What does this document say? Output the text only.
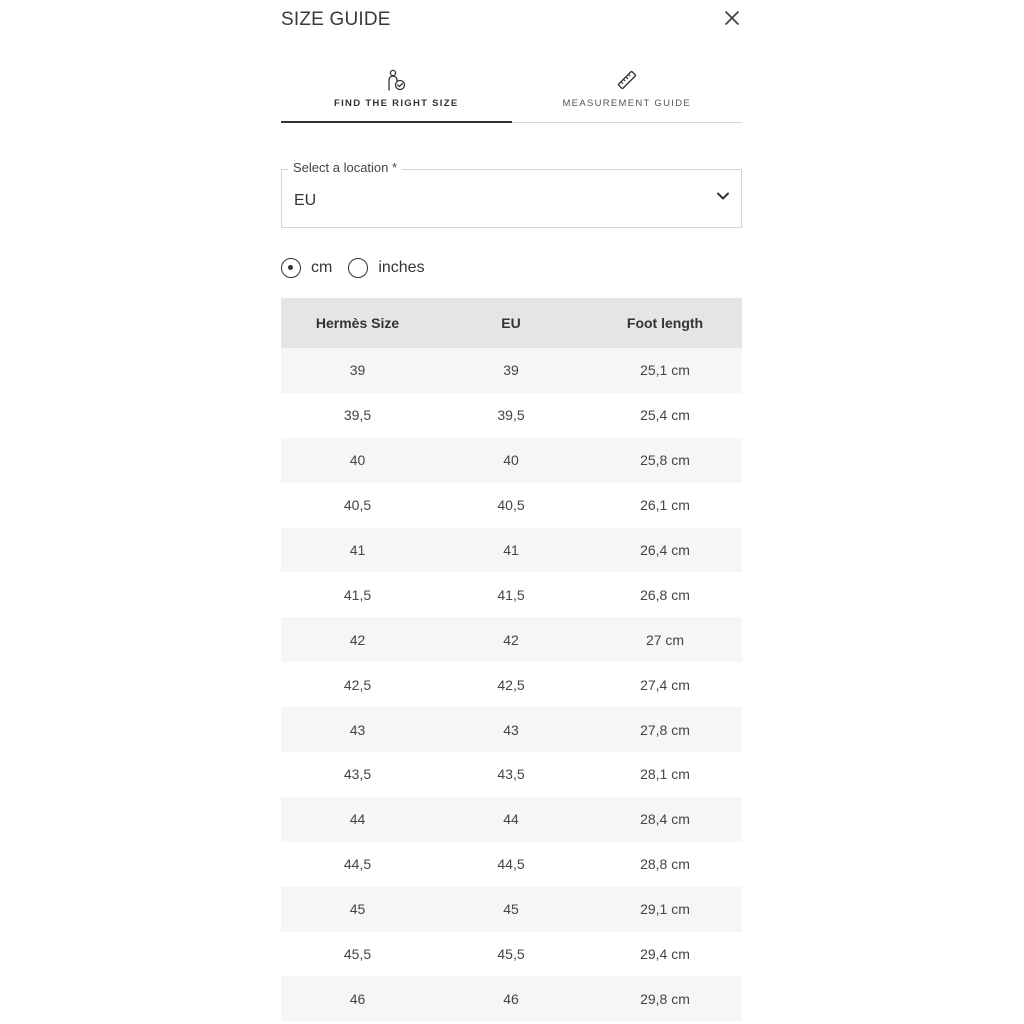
SIZE GUIDE
FIND THE RIGHT SIZE	MEASUREMENT GUIDE
Select a location *
EU
cm	inches
Hermès Size	EU	Foot length
39	39	25,1 cm
39,5	39,5	25,4 cm
40	40	25,8 cm
40,5	40,5	26,1 cm
41	41	26,4 cm
41,5	41,5	26,8 cm
42	42	27 cm
42,5	42,5	27,4 cm
43	43	27,8 cm
43,5	43,5	28,1 cm
44	44	28,4 cm
44,5	44,5	28,8 cm
45	45	29,1 cm
45,5	45,5	29,4 cm
46	46	29,8 cm
